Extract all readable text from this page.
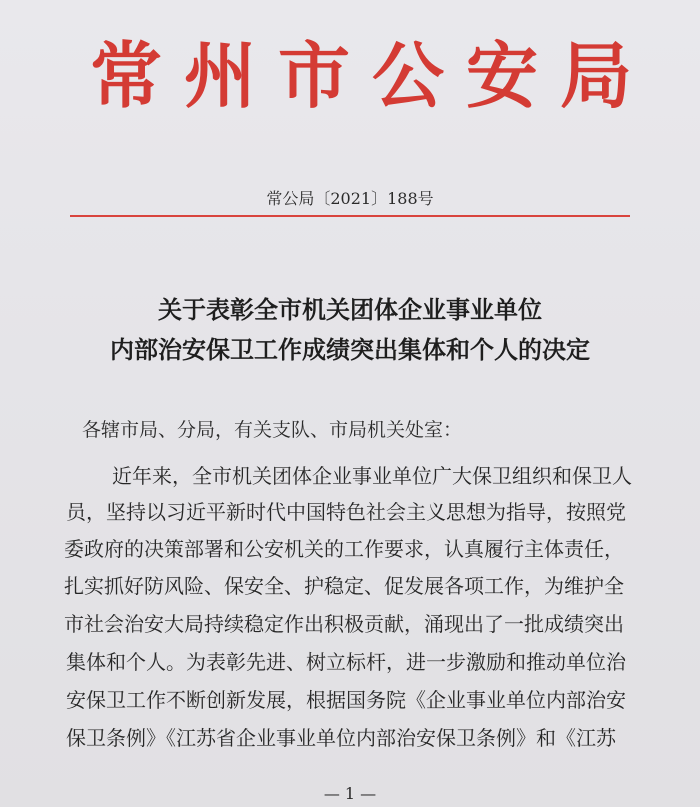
常州市公安局
常公局〔2021〕188号
关于表彰全市机关团体企业事业单位
内部治安保卫工作成绩突出集体和个人的决定
各辖市局、分局，有关支队、市局机关处室：
近年来，全市机关团体企业事业单位广大保卫组织和保卫人
员，坚持以习近平新时代中国特色社会主义思想为指导，按照党
委政府的决策部署和公安机关的工作要求，认真履行主体责任，
扎实抓好防风险、保安全、护稳定、促发展各项工作，为维护全
市社会治安大局持续稳定作出积极贡献，涌现出了一批成绩突出
集体和个人。为表彰先进、树立标杆，进一步激励和推动单位治
安保卫工作不断创新发展，根据国务院《企业事业单位内部治安
保卫条例》《江苏省企业事业单位内部治安保卫条例》和《江苏
— 1 —
